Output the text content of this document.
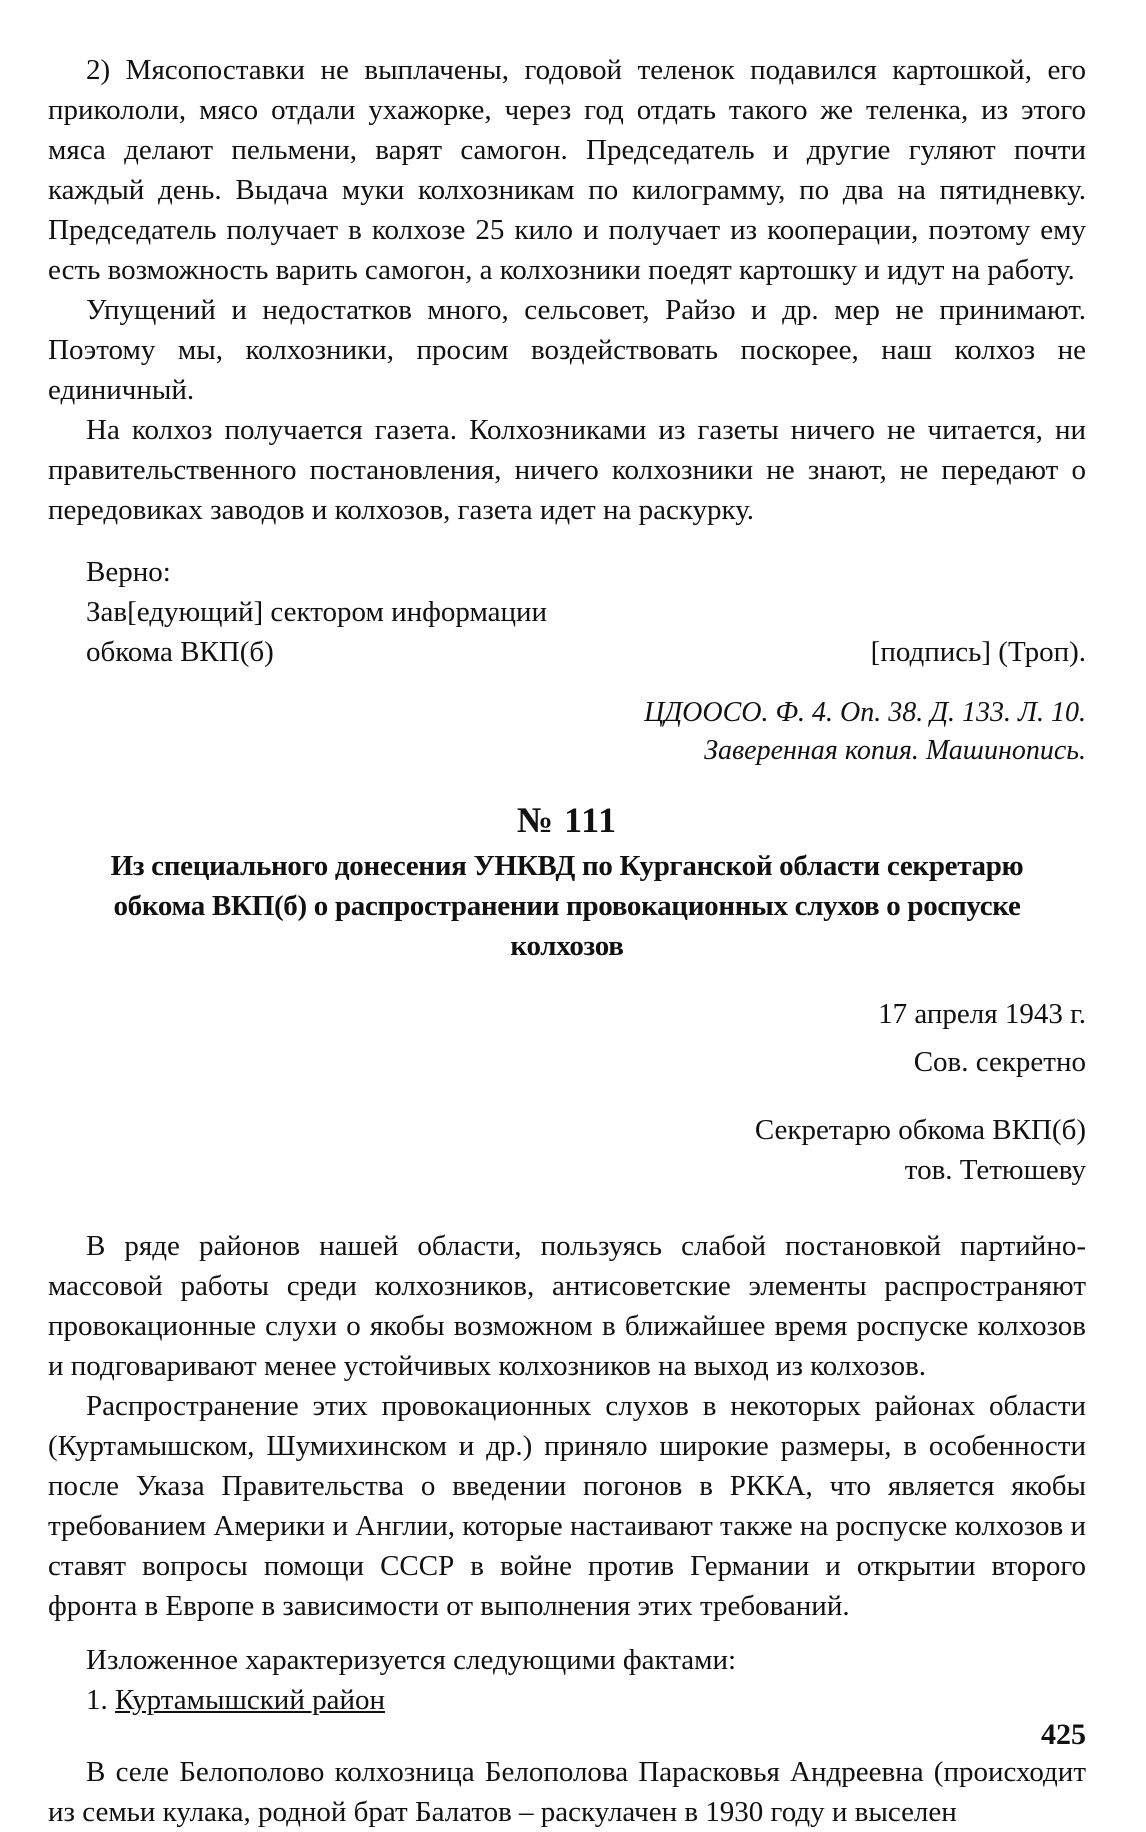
2) Мясопоставки не выплачены, годовой теленок подавился картошкой, его прикололи, мясо отдали ухажорке, через год отдать такого же теленка, из этого мяса делают пельмени, варят самогон. Председатель и другие гуляют почти каждый день. Выдача муки колхозникам по килограмму, по два на пятидневку. Председатель получает в колхозе 25 кило и получает из кооперации, поэтому ему есть возможность варить самогон, а колхозники поедят картошку и идут на работу.

Упущений и недостатков много, сельсовет, Райзо и др. мер не принимают. Поэтому мы, колхозники, просим воздействовать поскорее, наш колхоз не единичный.

На колхоз получается газета. Колхозниками из газеты ничего не читается, ни правительственного постановления, ничего колхозники не знают, не передают о передовиках заводов и колхозов, газета идет на раскурку.

Верно:
Зав[едующий] сектором информации
обкома ВКП(б)	[подпись] (Троп).
ЦДООСО. Ф. 4. Оп. 38. Д. 133. Л. 10.
Заверенная копия. Машинопись.
№ 111
Из специального донесения УНКВД по Курганской области секретарю
обкома ВКП(б) о распространении провокационных слухов о роспуске
колхозов
17 апреля 1943 г.
Сов. секретно
Секретарю обкома ВКП(б)
тов. Тетюшеву

В ряде районов нашей области, пользуясь слабой постановкой партийно-массовой работы среди колхозников, антисоветские элементы распространяют провокационные слухи о якобы возможном в ближайшее время роспуске колхозов и подговаривают менее устойчивых колхозников на выход из колхозов.

Распространение этих провокационных слухов в некоторых районах области (Куртамышском, Шумихинском и др.) приняло широкие размеры, в особенности после Указа Правительства о введении погонов в РККА, что является якобы требованием Америки и Англии, которые настаивают также на роспуске колхозов и ставят вопросы помощи СССР в войне против Германии и открытии второго фронта в Европе в зависимости от выполнения этих требований.

Изложенное характеризуется следующими фактами:

1. Куртамышский район

В селе Белополово колхозница Белополова Парасковья Андреевна (происходит из семьи кулака, родной брат Балатов – раскулачен в 1930 году и выселен

425
